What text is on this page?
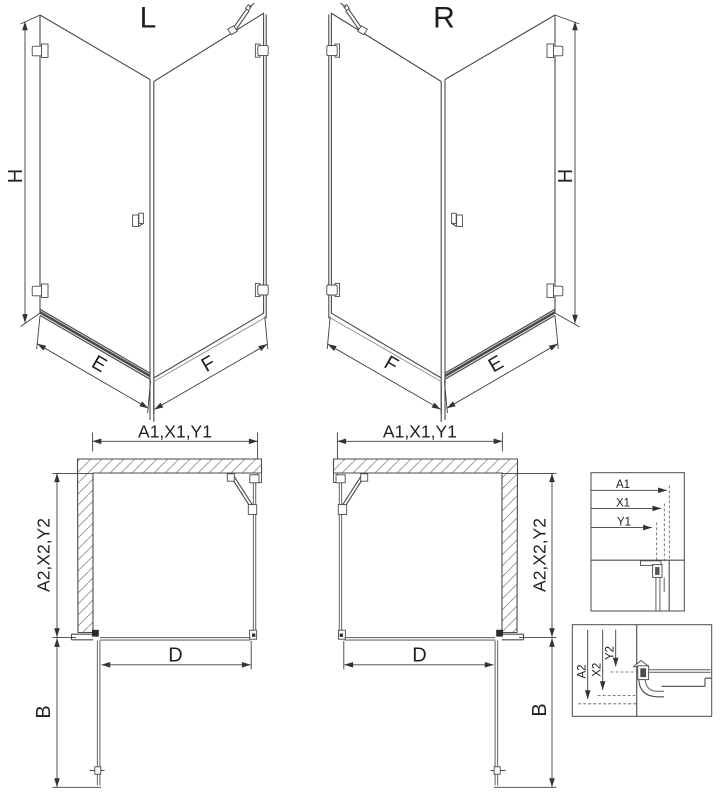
L
H
E	F
R
H
E
F
A1,X1,Y1
A2,X2,Y2
D
B
A1,X1,Y1
A2,X2,Y2
D
B
A1
X1
Y1
A2 X2
Y2
